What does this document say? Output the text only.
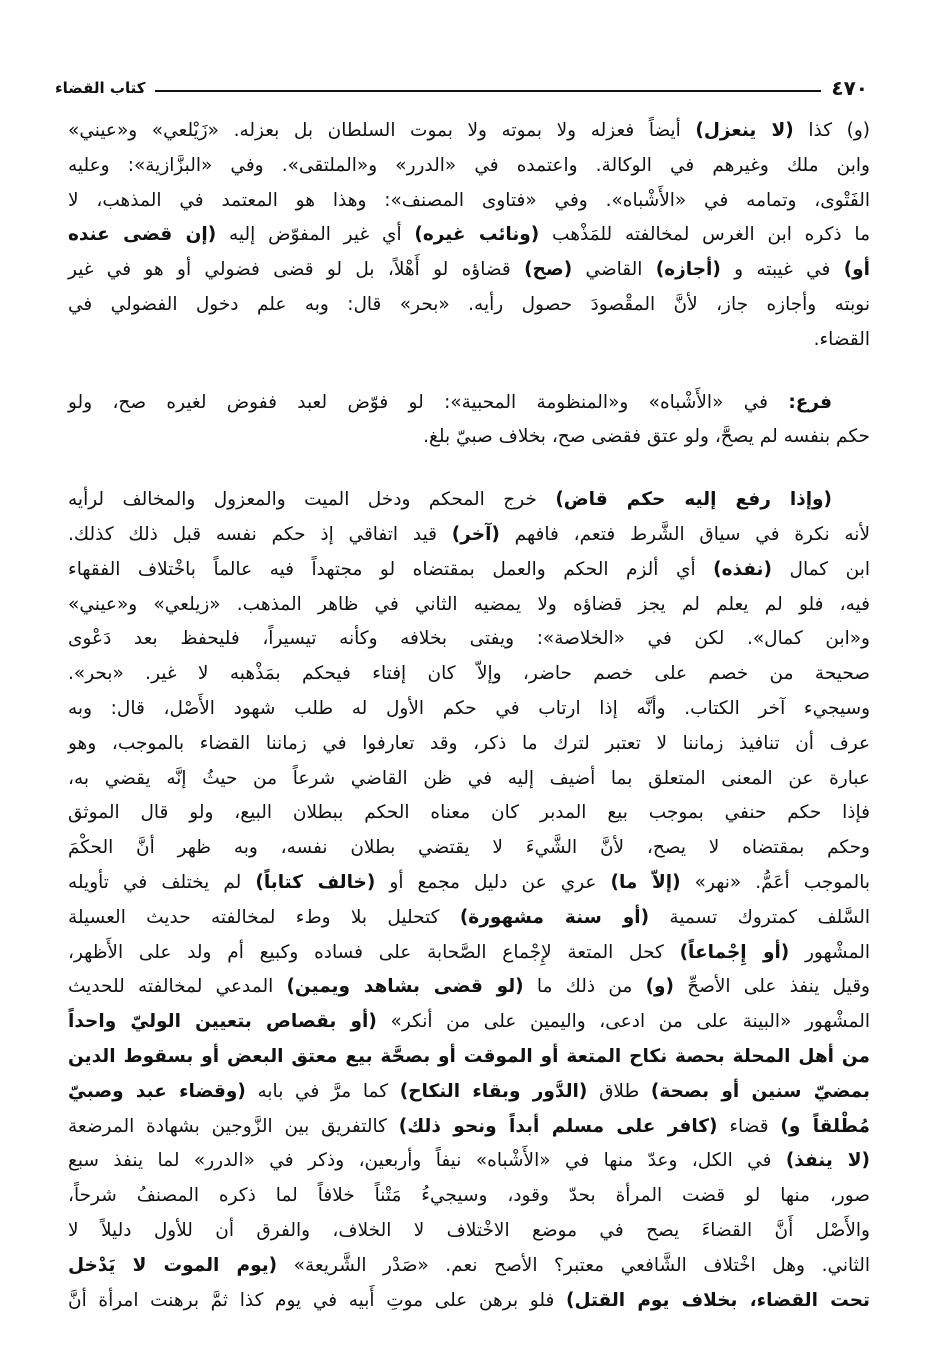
٤٧٠
كتاب القضاء
(و) كذا (لا ينعزل) أيضاً فعزله ولا بموته ولا بموت السلطان بل بعزله. «زَيْلعي» و«عيني»
وابن ملك وغيرهم في الوكالة. واعتمده في «الدرر» و«الملتقى». وفي «البزَّازية»: وعليه
الفَتْوى، وتمامه في «الأَشْباه». وفي «فتاوى المصنف»: وهذا هو المعتمد في المذهب، لا
ما ذكره ابن الغرس لمخالفته للمَذْهب (ونائب غيره) أي غير المفوّض إليه (إن قضى عنده
أو) في غيبته و (أجازه) القاضي (صح) قضاؤه لو أَهْلاً، بل لو قضى فضولي أو هو في غير
نوبته وأجازه جاز، لأنَّ المقْصودَ حصول رأيه. «بحر» قال: وبه علم دخول الفضولي في
القضاء.
فرع: في «الأَشْباه» و«المنظومة المحبية»: لو فوّض لعبد ففوض لغيره صح، ولو
حكم بنفسه لم يصحَّ، ولو عتق فقضى صح، بخلاف صبيّ بلغ.
(وإذا رفع إليه حكم قاض) خرج المحكم ودخل الميت والمعزول والمخالف لرأيه
لأنه نكرة في سياق الشَّرط فتعم، فافهم (آخر) قيد اتفاقي إذ حكم نفسه قبل ذلك كذلك.
ابن كمال (نفذه) أي ألزم الحكم والعمل بمقتضاه لو مجتهداً فيه عالماً باخْتلاف الفقهاء
فيه، فلو لم يعلم لم يجز قضاؤه ولا يمضيه الثاني في ظاهر المذهب. «زيلعي» و«عيني»
و«ابن كمال». لكن في «الخلاصة»: ويفتى بخلافه وكأنه تيسيراً، فليحفظ بعد دَعْوى
صحيحة من خصم على خصم حاضر، وإلاّ كان إفتاء فيحكم بمَذْهبه لا غير. «بحر».
وسيجيء آخر الكتاب. وأنَّه إذا ارتاب في حكم الأول له طلب شهود الأَصْل، قال: وبه
عرف أن تنافيذ زماننا لا تعتبر لترك ما ذكر، وقد تعارفوا في زماننا القضاء بالموجب، وهو
عبارة عن المعنى المتعلق بما أضيف إليه في ظن القاضي شرعاً من حيثُ إنَّه يقضي به،
فإذا حكم حنفي بموجب بيع المدبر كان معناه الحكم ببطلان البيع، ولو قال الموثق
وحكم بمقتضاه لا يصح، لأنَّ الشَّيءَ لا يقتضي بطلان نفسه، وبه ظهر أنَّ الحكْمَ
بالموجب أعَمُّ. «نهر» (إلاّ ما) عري عن دليل مجمع أو (خالف كتاباً) لم يختلف في تأويله
السَّلف كمتروك تسمية (أو سنة مشهورة) كتحليل بلا وطء لمخالفته حديث العسيلة
المشْهور (أو إِجْماعاً) كحل المتعة لإِجْماع الصَّحابة على فساده وكبيع أم ولد على الأَظهر،
وقيل ينفذ على الأصحِّ (و) من ذلك ما (لو قضى بشاهد ويمين) المدعي لمخالفته للحديث
المشْهور «البينة على من ادعى، واليمين على من أنكر» (أو بقصاص بتعيين الوليّ واحداً
من أهل المحلة بحصة نكاح المتعة أو الموقت أو بصحَّة بيع معتق البعض أو بسقوط الدين
بمضيّ سنين أو بصحة) طلاق (الدَّور وبقاء النكاح) كما مرَّ في بابه (وقضاء عبد وصبيّ
مُطْلقاً و) قضاء (كافر على مسلم أبداً ونحو ذلك) كالتفريق بين الزَّوجين بشهادة المرضعة
(لا ينفذ) في الكل، وعدّ منها في «الأَشْباه» نيفاً وأربعين، وذكر في «الدرر» لما ينفذ سبع
صور، منها لو قضت المرأة بحدّ وقود، وسيجيءُ مَتْناً خلافاً لما ذكره المصنفُ شرحاً،
والأَصْل أَنَّ القضاءَ يصح في موضع الاخْتلاف لا الخلاف، والفرق أن للأول دليلاً لا
الثاني. وهل اخْتلاف الشَّافعي معتبر؟ الأصح نعم. «صَدْر الشَّريعة» (يوم الموت لا يَدْخل
تحت القضاء، بخلاف يوم القتل) فلو برهن على موتِ أَبيه في يوم كذا ثمَّ برهنت امرأة أنَّ
